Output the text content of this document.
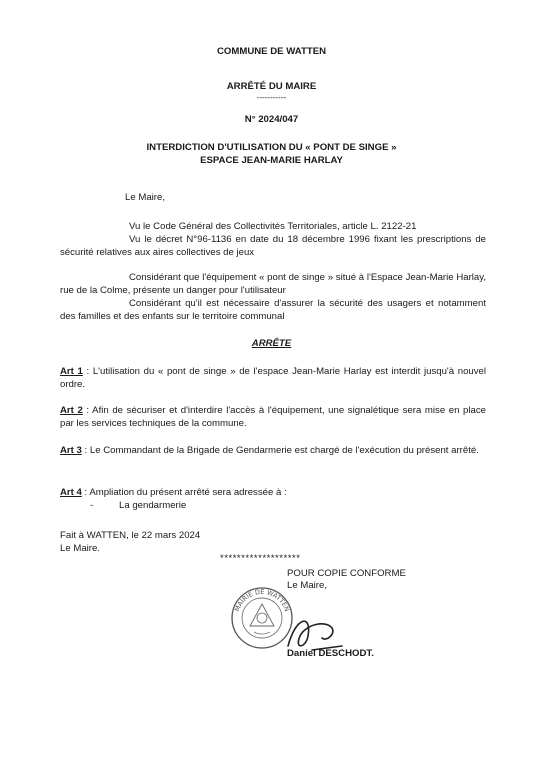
COMMUNE DE WATTEN
ARRÊTÉ DU MAIRE
-----------
N° 2024/047
INTERDICTION D'UTILISATION DU « PONT DE SINGE »
ESPACE JEAN-MARIE HARLAY
Le Maire,
Vu le Code Général des Collectivités Territoriales, article L. 2122-21
Vu le décret N°96-1136 en date du 18 décembre 1996 fixant les prescriptions de sécurité relatives aux aires collectives de jeux
Considérant que l'équipement « pont de singe » situé à l'Espace Jean-Marie Harlay, rue de la Colme, présente un danger pour l'utilisateur
Considérant qu'il est nécessaire d'assurer la sécurité des usagers et notamment des familles et des enfants sur le territoire communal
ARRÊTE
Art 1 : L'utilisation du « pont de singe » de l'espace Jean-Marie Harlay est interdit jusqu'à nouvel ordre.
Art 2 : Afin de sécuriser et d'interdire l'accès à l'équipement, une signalétique sera mise en place par les services techniques de la commune.
Art 3 : Le Commandant de la Brigade de Gendarmerie est chargé de l'exécution du présent arrêté.
Art 4 : Ampliation du présent arrêté sera adressée à :
-	La gendarmerie
Fait à WATTEN, le 22 mars 2024
Le Maire.
*******************
POUR COPIE CONFORME
Le Maire,
MAIRIE DE WATTEN
Daniel DESCHODT.
